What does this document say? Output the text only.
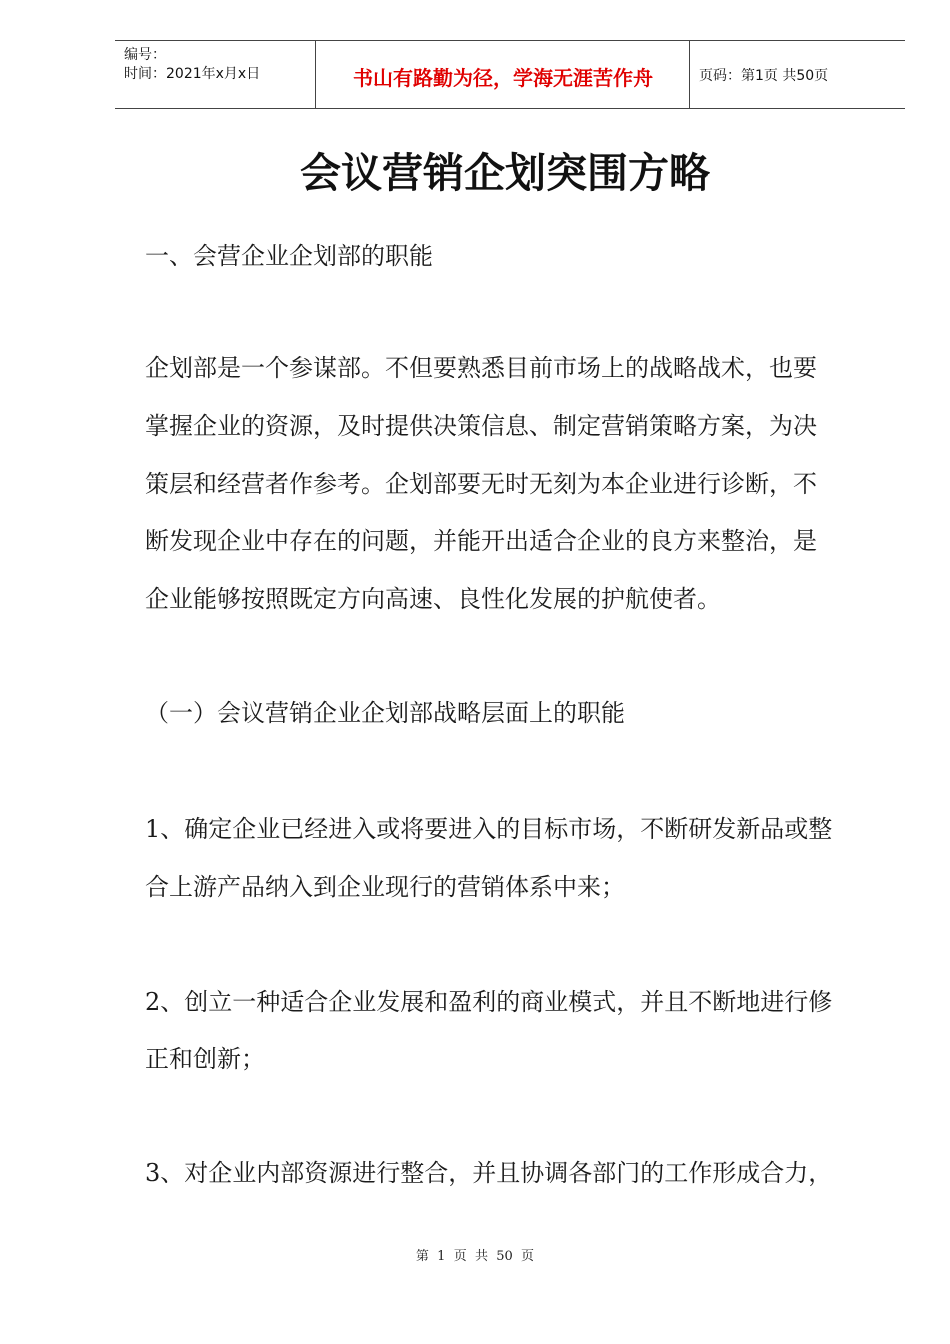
编号：
时间：2021年x月x日	书山有路勤为径，学海无涯苦作舟	页码：第1页 共50页
会议营销企划突围方略
一、会营企业企划部的职能
企划部是一个参谋部。不但要熟悉目前市场上的战略战术，也要
掌握企业的资源，及时提供决策信息、制定营销策略方案，为决
策层和经营者作参考。企划部要无时无刻为本企业进行诊断，不
断发现企业中存在的问题，并能开出适合企业的良方来整治，是
企业能够按照既定方向高速、良性化发展的护航使者。
（一）会议营销企业企划部战略层面上的职能
1、确定企业已经进入或将要进入的目标市场，不断研发新品或整
合上游产品纳入到企业现行的营销体系中来；
2、创立一种适合企业发展和盈利的商业模式，并且不断地进行修
正和创新；
3、对企业内部资源进行整合，并且协调各部门的工作形成合力，
第  1  页  共  50  页
